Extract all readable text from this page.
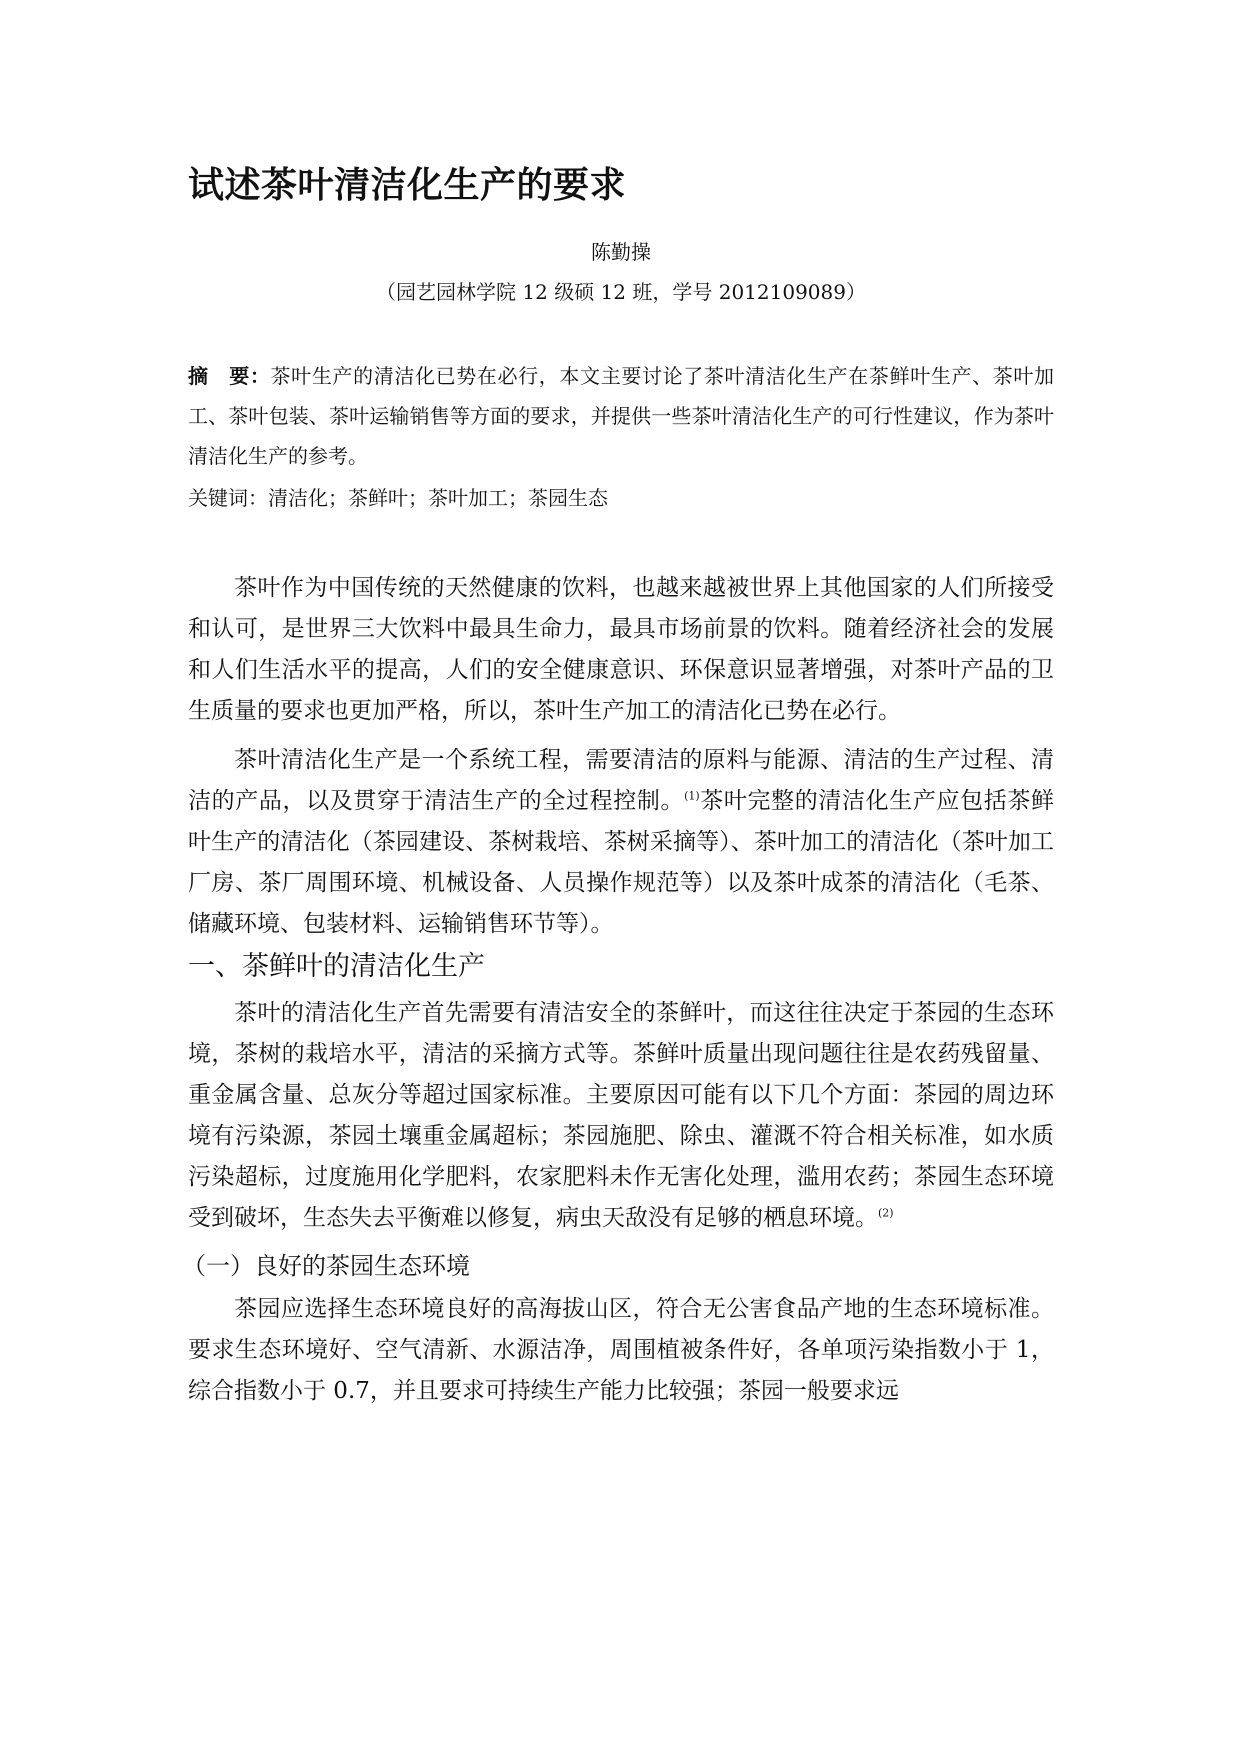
试述茶叶清洁化生产的要求
陈勤操
（园艺园林学院 12 级硕 12 班，学号 2012109089）
摘　要：茶叶生产的清洁化已势在必行，本文主要讨论了茶叶清洁化生产在茶鲜叶生产、茶叶加工、茶叶包装、茶叶运输销售等方面的要求，并提供一些茶叶清洁化生产的可行性建议，作为茶叶清洁化生产的参考。
关键词：清洁化；茶鲜叶；茶叶加工；茶园生态

茶叶作为中国传统的天然健康的饮料，也越来越被世界上其他国家的人们所接受和认可，是世界三大饮料中最具生命力，最具市场前景的饮料。随着经济社会的发展和人们生活水平的提高，人们的安全健康意识、环保意识显著增强，对茶叶产品的卫生质量的要求也更加严格，所以，茶叶生产加工的清洁化已势在必行。

茶叶清洁化生产是一个系统工程，需要清洁的原料与能源、清洁的生产过程、清洁的产品，以及贯穿于清洁生产的全过程控制。$^{(1)}$茶叶完整的清洁化生产应包括茶鲜叶生产的清洁化（茶园建设、茶树栽培、茶树采摘等）、茶叶加工的清洁化（茶叶加工厂房、茶厂周围环境、机械设备、人员操作规范等）以及茶叶成茶的清洁化（毛茶、储藏环境、包装材料、运输销售环节等）。

一、茶鲜叶的清洁化生产

茶叶的清洁化生产首先需要有清洁安全的茶鲜叶，而这往往决定于茶园的生态环境，茶树的栽培水平，清洁的采摘方式等。茶鲜叶质量出现问题往往是农药残留量、重金属含量、总灰分等超过国家标准。主要原因可能有以下几个方面：茶园的周边环境有污染源，茶园土壤重金属超标；茶园施肥、除虫、灌溉不符合相关标准，如水质污染超标，过度施用化学肥料，农家肥料未作无害化处理，滥用农药；茶园生态环境受到破坏，生态失去平衡难以修复，病虫天敌没有足够的栖息环境。$^{(2)}$

（一）良好的茶园生态环境

茶园应选择生态环境良好的高海拔山区，符合无公害食品产地的生态环境标准。要求生态环境好、空气清新、水源洁净，周围植被条件好，各单项污染指数小于 1，综合指数小于 0.7，并且要求可持续生产能力比较强；茶园一般要求远
